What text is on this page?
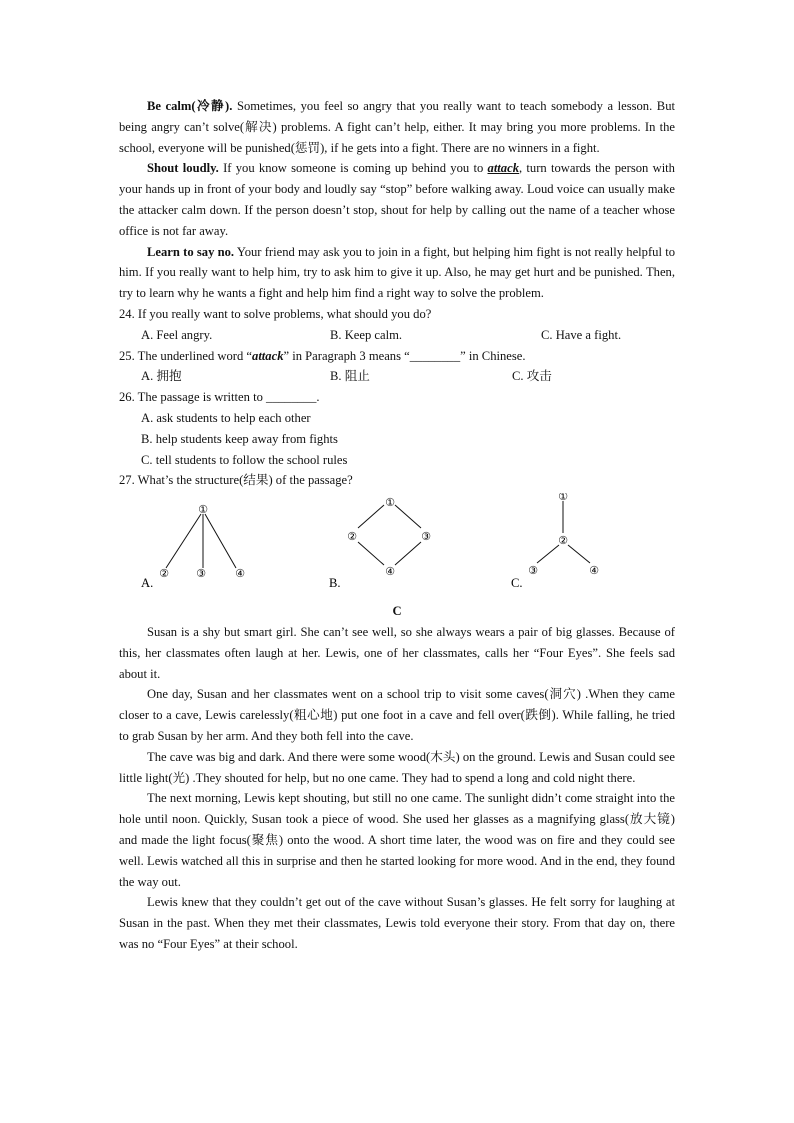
Be calm(冷静). Sometimes, you feel so angry that you really want to teach somebody a lesson. But being angry can’t solve(解决) problems. A fight can’t help, either. It may bring you more problems. In the school, everyone will be punished(惩罚), if he gets into a fight. There are no winners in a fight.

Shout loudly. If you know someone is coming up behind you to attack, turn towards the person with your hands up in front of your body and loudly say “stop” before walking away. Loud voice can usually make the attacker calm down. If the person doesn’t stop, shout for help by calling out the name of a teacher whose office is not far away.

Learn to say no. Your friend may ask you to join in a fight, but helping him fight is not really helpful to him. If you really want to help him, try to ask him to give it up. Also, he may get hurt and be punished. Then, try to learn why he wants a fight and help him find a right way to solve the problem.

24. If you really want to solve problems, what should you do?
A. Feel angry.	B. Keep calm.	C. Have a fight.
25. The underlined word “attack” in Paragraph 3 means “________” in Chinese.
A. 拥抱	B. 阻止	C. 攻击
26. The passage is written to ________.
A. ask students to help each other
B. help students keep away from fights
C. tell students to follow the school rules
27. What’s the structure(结果) of the passage?
①
② ③	④
A.
①
②	③
④
B.
①
②
③	④
C.
C

Susan is a shy but smart girl. She can’t see well, so she always wears a pair of big glasses. Because of this, her classmates often laugh at her. Lewis, one of her classmates, calls her “Four Eyes”. She feels sad about it.

One day, Susan and her classmates went on a school trip to visit some caves(洞穴) .When they came closer to a cave, Lewis carelessly(粗心地) put one foot in a cave and fell over(跌倒). While falling, he tried to grab Susan by her arm. And they both fell into the cave.

The cave was big and dark. And there were some wood(木头) on the ground. Lewis and Susan could see little light(光) .They shouted for help, but no one came. They had to spend a long and cold night there.

The next morning, Lewis kept shouting, but still no one came. The sunlight didn’t come straight into the hole until noon. Quickly, Susan took a piece of wood. She used her glasses as a magnifying glass(放大镜) and made the light focus(聚焦) onto the wood. A short time later, the wood was on fire and they could see well. Lewis watched all this in surprise and then he started looking for more wood. And in the end, they found the way out.

Lewis knew that they couldn’t get out of the cave without Susan’s glasses. He felt sorry for laughing at Susan in the past. When they met their classmates, Lewis told everyone their story. From that day on, there was no “Four Eyes” at their school.
